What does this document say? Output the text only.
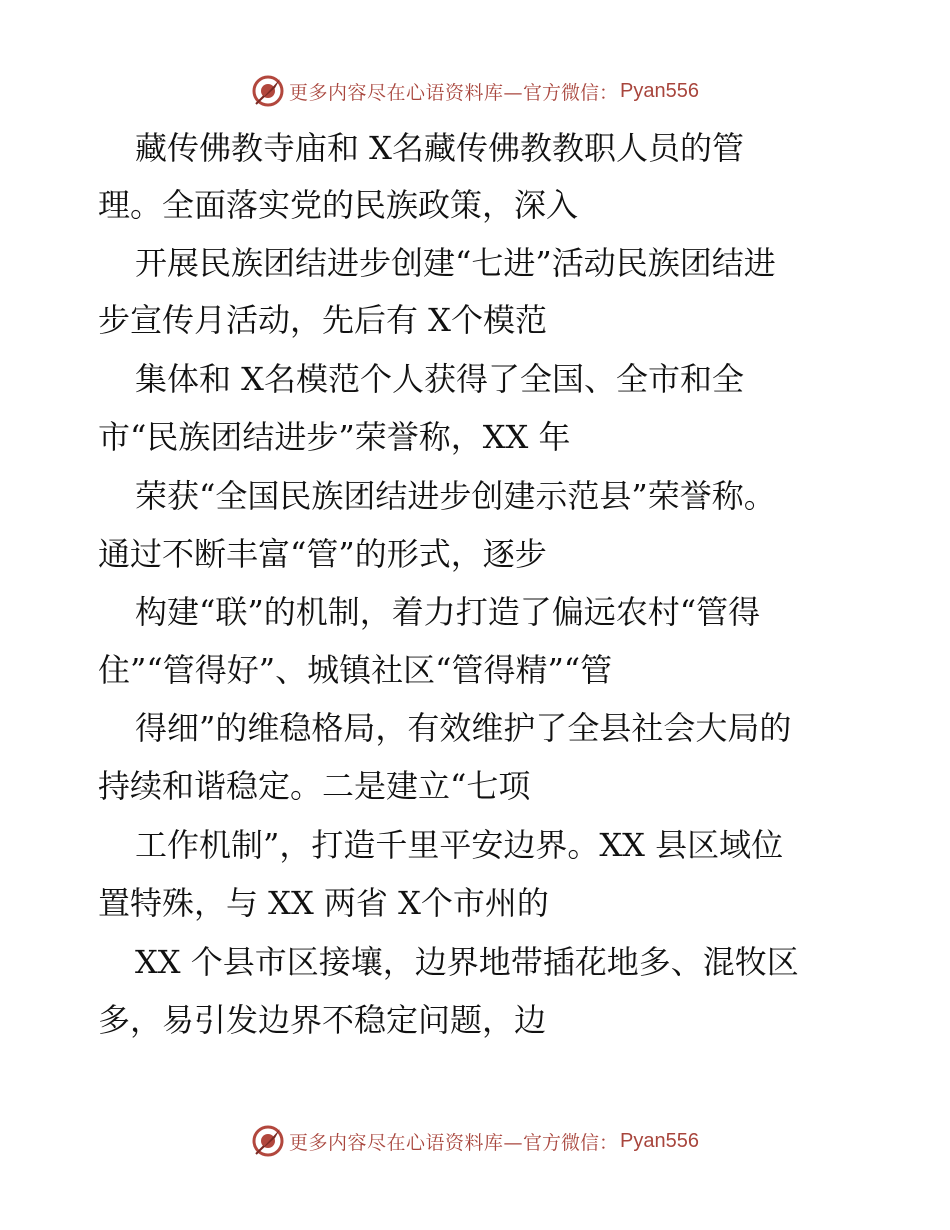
更多内容尽在心语资料库— 官方微信： Pyan556
藏传佛教寺庙和 X名藏传佛教教职人员的管
理。全面落实党的民族政策，深入
开展民族团结进步创建“七进”活动民族团结进
步宣传月活动，先后有 X个模范
集体和 X名模范个人获得了全国、全市和全
市“民族团结进步”荣誉称，XX 年
荣获“全国民族团结进步创建示范县”荣誉称。
通过不断丰富“管”的形式，逐步
构建“联”的机制，着力打造了偏远农村“管得
住”“管得好”、城镇社区“管得精”“管
得细”的维稳格局，有效维护了全县社会大局的
持续和谐稳定。二是建立“七项
工作机制”，打造千里平安边界。XX 县区域位
置特殊，与 XX 两省 X个市州的
XX 个县市区接壤，边界地带插花地多、混牧区
多，易引发边界不稳定问题，边
更多内容尽在心语资料库— 官方微信： Pyan556
